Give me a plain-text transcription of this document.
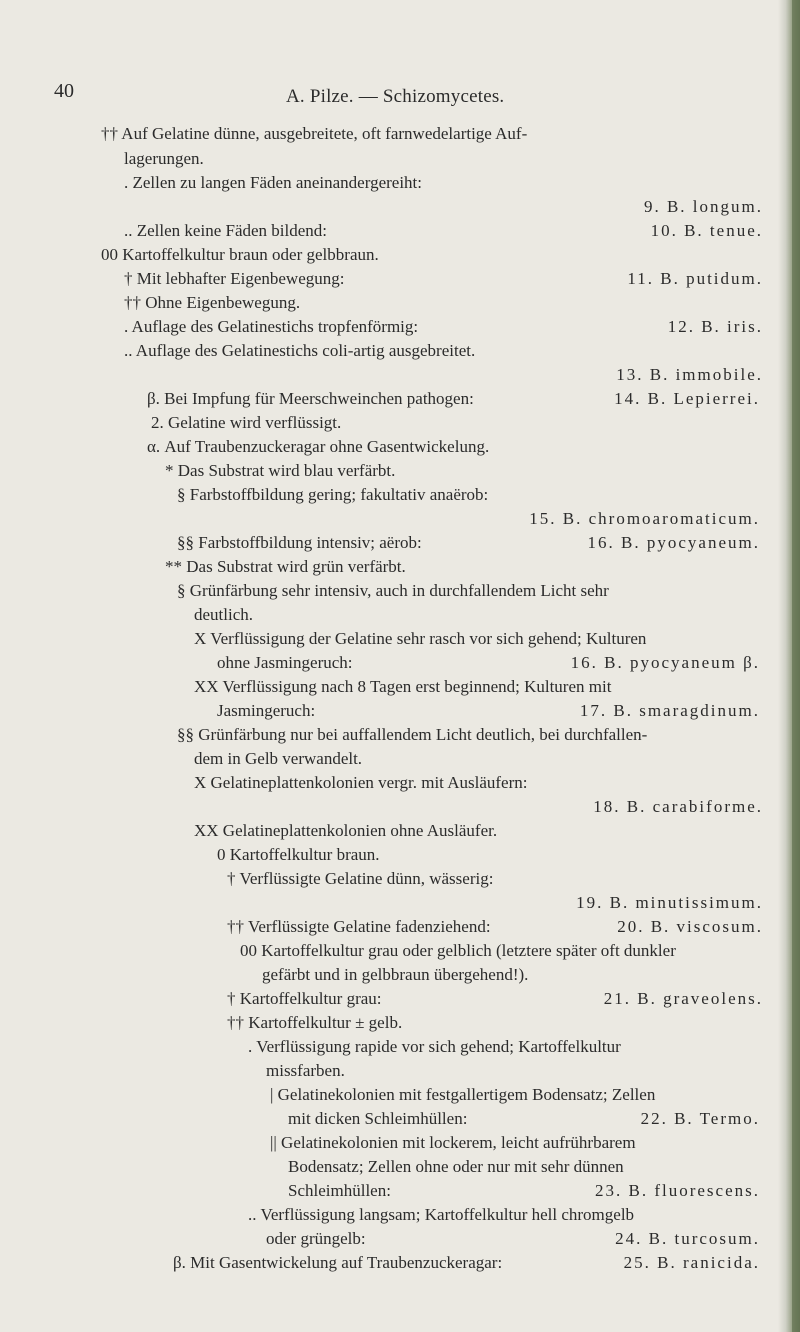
40	A. Pilze. — Schizomycetes.
†† Auf Gelatine dünne, ausgebreitete, oft farnwedelartige Auf-
lagerungen.
. Zellen zu langen Fäden aneinandergereiht:
9. B. longum.
.. Zellen keine Fäden bildend:	10. B. tenue.
00 Kartoffelkultur braun oder gelbbraun.
† Mit lebhafter Eigenbewegung:	11. B. putidum.
†† Ohne Eigenbewegung.
. Auflage des Gelatinestichs tropfenförmig:	12. B. iris.
.. Auflage des Gelatinestichs coli-artig ausgebreitet.
13. B. immobile.
β. Bei Impfung für Meerschweinchen pathogen:	14. B. Lepierrei.
2. Gelatine wird verflüssigt.
α. Auf Traubenzuckeragar ohne Gasentwickelung.
* Das Substrat wird blau verfärbt.
§ Farbstoffbildung gering; fakultativ anaërob:
15. B. chromoaromaticum.
§§ Farbstoffbildung intensiv; aërob:	16. B. pyocyaneum.
** Das Substrat wird grün verfärbt.
§ Grünfärbung sehr intensiv, auch in durchfallendem Licht sehr
deutlich.
X Verflüssigung der Gelatine sehr rasch vor sich gehend; Kulturen
ohne Jasmingeruch:	16. B. pyocyaneum β.
XX Verflüssigung nach 8 Tagen erst beginnend; Kulturen mit
Jasmingeruch:	17. B. smaragdinum.
§§ Grünfärbung nur bei auffallendem Licht deutlich, bei durchfallen-
dem in Gelb verwandelt.
X Gelatineplattenkolonien vergr. mit Ausläufern:
18. B. carabiforme.
XX Gelatineplattenkolonien ohne Ausläufer.
0 Kartoffelkultur braun.
† Verflüssigte Gelatine dünn, wässerig:
19. B. minutissimum.
†† Verflüssigte Gelatine fadenziehend:	20. B. viscosum.
00 Kartoffelkultur grau oder gelblich (letztere später oft dunkler
gefärbt und in gelbbraun übergehend!).
† Kartoffelkultur grau:	21. B. graveolens.
†† Kartoffelkultur ± gelb.
. Verflüssigung rapide vor sich gehend; Kartoffelkultur
missfarben.
| Gelatinekolonien mit festgallertigem Bodensatz; Zellen
mit dicken Schleimhüllen:	22. B. Termo.
|| Gelatinekolonien mit lockerem, leicht aufrührbarem
Bodensatz; Zellen ohne oder nur mit sehr dünnen
Schleimhüllen:	23. B. fluorescens.
.. Verflüssigung langsam; Kartoffelkultur hell chromgelb
oder grüngelb:	24. B. turcosum.
β. Mit Gasentwickelung auf Traubenzuckeragar:	25. B. ranicida.
